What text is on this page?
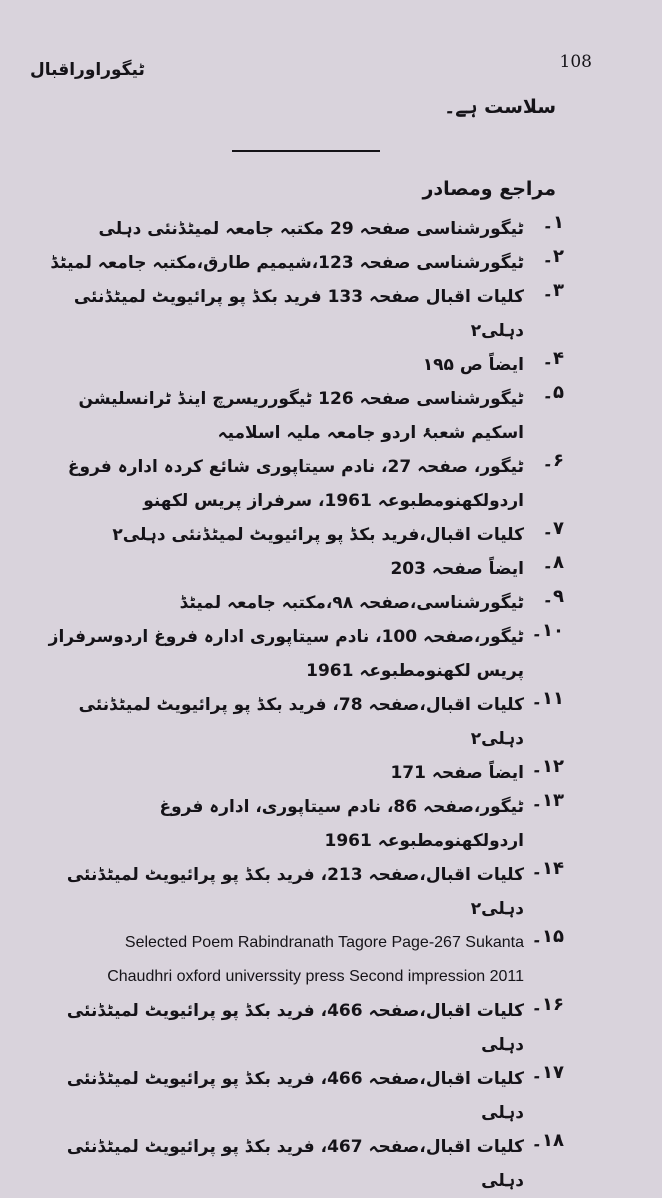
ٹیگوراوراقبال	108
سلاست ہے۔
مراجع ومصادر
۱۔
ٹیگورشناسی صفحہ 29 مکتبہ جامعہ لمیٹڈنئی دہلی
۲۔
ٹیگورشناسی صفحہ 123،شیمیم طارق،مکتبہ جامعہ لمیٹڈ
۳۔
کلیات اقبال صفحہ 133 فرید بکڈ پو پرائیویٹ لمیٹڈنئی دہلی۲
۴۔
ایضاً ص ۱۹۵
۵۔
ٹیگورشناسی صفحہ 126 ٹیگورریسرچ اینڈ ٹرانسلیشن اسکیم شعبۂ اردو جامعہ ملیہ اسلامیہ
۶۔
ٹیگور، صفحہ 27، نادم سیتاپوری شائع کردہ ادارہ فروغ اردولکھنومطبوعہ 1961، سرفراز پریس لکھنو
۷۔
کلیات اقبال،فرید بکڈ پو پرائیویٹ لمیٹڈنئی دہلی۲
۸۔
ایضاً صفحہ 203
۹۔
ٹیگورشناسی،صفحہ ۹۸،مکتبہ جامعہ لمیٹڈ
۱۰۔
ٹیگور،صفحہ 100، نادم سیتاپوری ادارہ فروغ اردوسرفراز پریس لکھنومطبوعہ 1961
۱۱۔
کلیات اقبال،صفحہ 78، فرید بکڈ پو پرائیویٹ لمیٹڈنئی دہلی۲
۱۲۔
ایضاً صفحہ 171
۱۳۔
ٹیگور،صفحہ 86، نادم سیتاپوری، ادارہ فروغ اردولکھنومطبوعہ 1961
۱۴۔
کلیات اقبال،صفحہ 213، فرید بکڈ پو پرائیویٹ لمیٹڈنئی دہلی۲
۱۵۔
Selected Poem Rabindranath Tagore Page-267 Sukanta
Chaudhri oxford universsity press Second impression 2011
۱۶۔
کلیات اقبال،صفحہ 466، فرید بکڈ پو پرائیویٹ لمیٹڈنئی دہلی
۱۷۔
کلیات اقبال،صفحہ 466، فرید بکڈ پو پرائیویٹ لمیٹڈنئی دہلی
۱۸۔
کلیات اقبال،صفحہ 467، فرید بکڈ پو پرائیویٹ لمیٹڈنئی دہلی
